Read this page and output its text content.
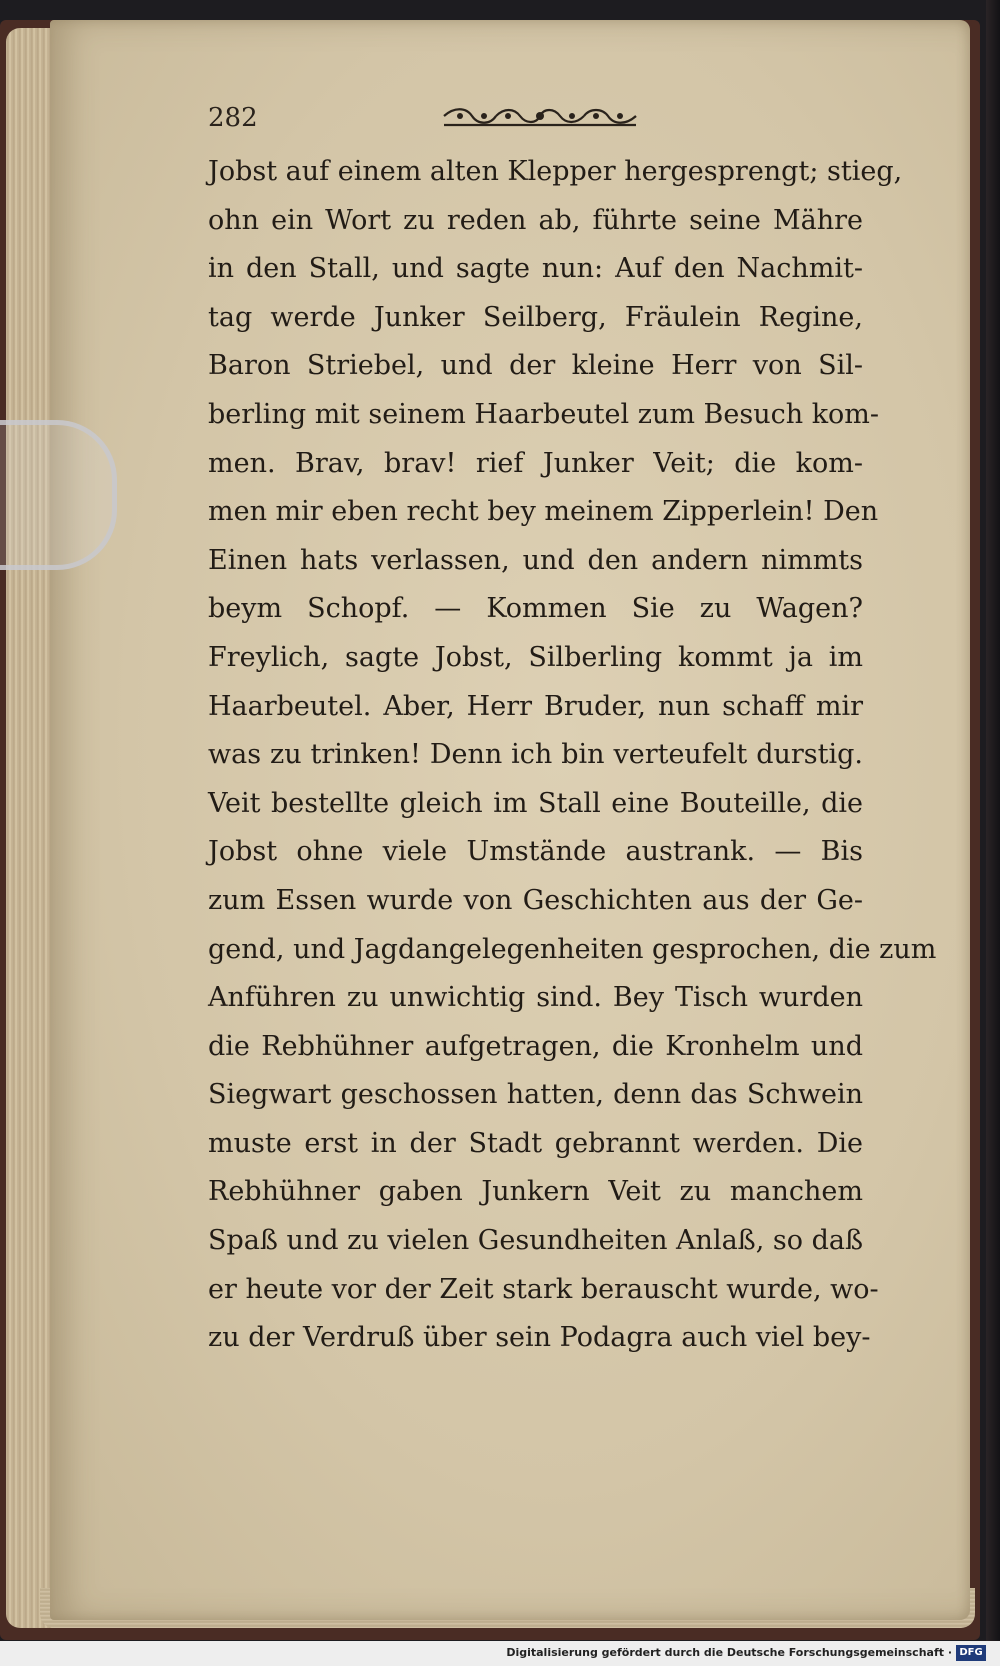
282

Jobst auf einem alten Klepper hergesprengt; stieg,

ohn ein Wort zu reden ab, führte seine Mähre

in den Stall, und sagte nun: Auf den Nachmit-

tag werde Junker Seilberg, Fräulein Regine,

Baron Striebel, und der kleine Herr von Sil-

berling mit seinem Haarbeutel zum Besuch kom-

men. Brav, brav! rief Junker Veit; die kom-

men mir eben recht bey meinem Zipperlein! Den

Einen hats verlassen, und den andern nimmts

beym Schopf. — Kommen Sie zu Wagen?

Freylich, sagte Jobst, Silberling kommt ja im

Haarbeutel. Aber, Herr Bruder, nun schaff mir

was zu trinken! Denn ich bin verteufelt durstig.

Veit bestellte gleich im Stall eine Bouteille, die

Jobst ohne viele Umstände austrank. — Bis

zum Essen wurde von Geschichten aus der Ge-

gend, und Jagdangelegenheiten gesprochen, die zum

Anführen zu unwichtig sind. Bey Tisch wurden

die Rebhühner aufgetragen, die Kronhelm und

Siegwart geschossen hatten, denn das Schwein

muste erst in der Stadt gebrannt werden. Die

Rebhühner gaben Junkern Veit zu manchem

Spaß und zu vielen Gesundheiten Anlaß, so daß

er heute vor der Zeit stark berauscht wurde, wo-

zu der Verdruß über sein Podagra auch viel bey-

Digitalisierung gefördert durch die Deutsche Forschungsgemeinschaft · DFG
